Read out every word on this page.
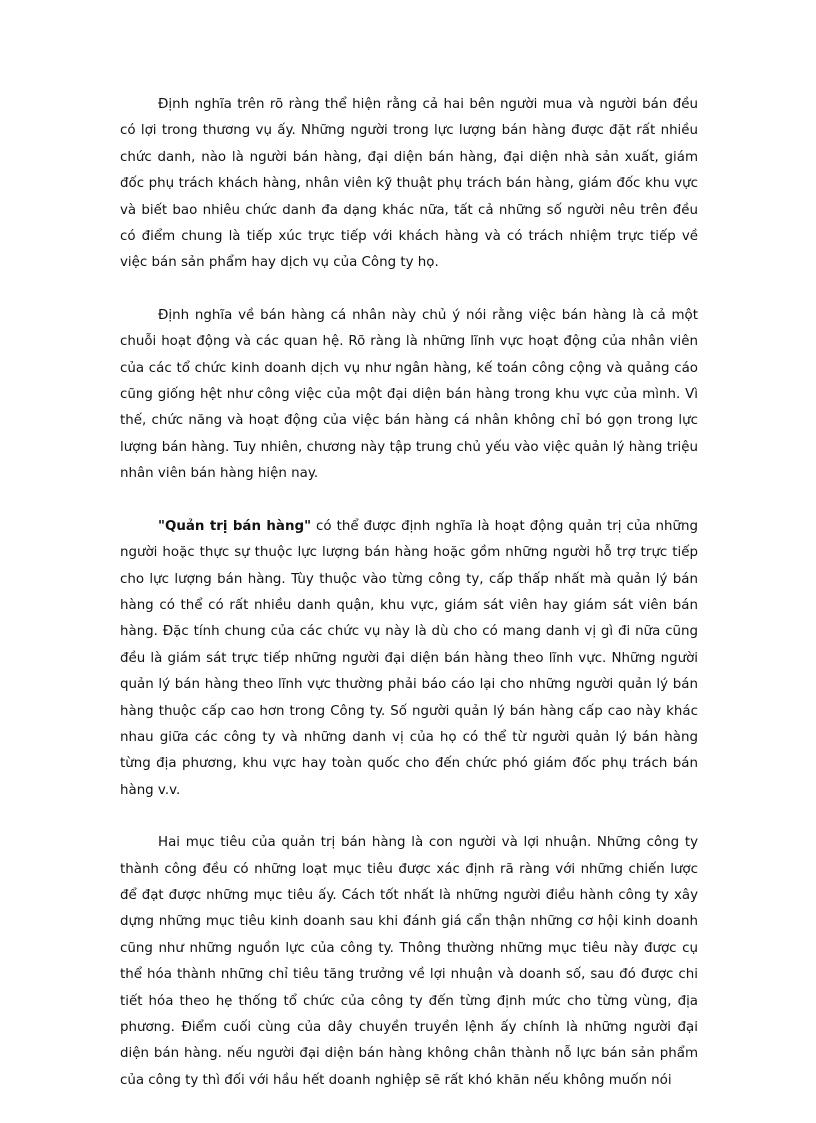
Định nghĩa trên rõ ràng thể hiện rằng cả hai bên người mua và người bán đều có lợi trong thương vụ ấy. Những người trong lực lượng bán hàng được đặt rất nhiều chức danh, nào là người bán hàng, đại diện bán hàng, đại diện nhà sản xuất, giám đốc phụ trách khách hàng, nhân viên kỹ thuật phụ trách bán hàng, giám đốc khu vực và biết bao nhiêu chức danh đa dạng khác nữa, tất cả những số người nêu trên đều có điểm chung là tiếp xúc trực tiếp với khách hàng và có trách nhiệm trực tiếp về việc bán sản phẩm hay dịch vụ của Công ty họ.

Định nghĩa về bán hàng cá nhân này chủ ý nói rằng việc bán hàng là cả một chuỗi hoạt động và các quan hệ. Rõ ràng là những lĩnh vực hoạt động của nhân viên của các tổ chức kinh doanh dịch vụ như ngân hàng, kế toán công cộng và quảng cáo cũng giống hệt như công việc của một đại diện bán hàng trong khu vực của mình. Vì thế, chức năng và hoạt động của việc bán hàng cá nhân không chỉ bó gọn trong lực lượng bán hàng. Tuy nhiên, chương này tập trung chủ yếu vào việc quản lý hàng triệu nhân viên bán hàng hiện nay.

"Quản trị bán hàng" có thể được định nghĩa là hoạt động quản trị của những người hoặc thực sự thuộc lực lượng bán hàng hoặc gồm những người hỗ trợ trực tiếp cho lực lượng bán hàng. Tùy thuộc vào từng công ty, cấp thấp nhất mà quản lý bán hàng có thể có rất nhiều danh quận, khu vực, giám sát viên hay giám sát viên bán hàng. Đặc tính chung của các chức vụ này là dù cho có mang danh vị gì đi nữa cũng đều là giám sát trực tiếp những người đại diện bán hàng theo lĩnh vực. Những người quản lý bán hàng theo lĩnh vực thường phải báo cáo lại cho những người quản lý bán hàng thuộc cấp cao hơn trong Công ty. Số người quản lý bán hàng cấp cao này khác nhau giữa các công ty và những danh vị của họ có thể từ người quản lý bán hàng từng địa phương, khu vực hay toàn quốc cho đến chức phó giám đốc phụ trách bán hàng v.v.

Hai mục tiêu của quản trị bán hàng là con người và lợi nhuận. Những công ty thành công đều có những loạt mục tiêu được xác định rã ràng với những chiến lược để đạt được những mục tiêu ấy. Cách tốt nhất là những người điều hành công ty xây dựng những mục tiêu kinh doanh sau khi đánh giá cẩn thận những cơ hội kinh doanh cũng như những nguồn lực của công ty. Thông thường những mục tiêu này được cụ thể hóa thành những chỉ tiêu tăng trưởng về lợi nhuận và doanh số, sau đó được chi tiết hóa theo hẹ thống tổ chức của công ty đến từng định mức cho từng vùng, địa phương. Điểm cuối cùng của dây chuyền truyền lệnh ấy chính là những người đại diện bán hàng. nếu người đại diện bán hàng không chân thành nỗ lực bán sản phẩm của công ty thì đối với hầu hết doanh nghiệp sẽ rất khó khăn nếu không muốn nói
